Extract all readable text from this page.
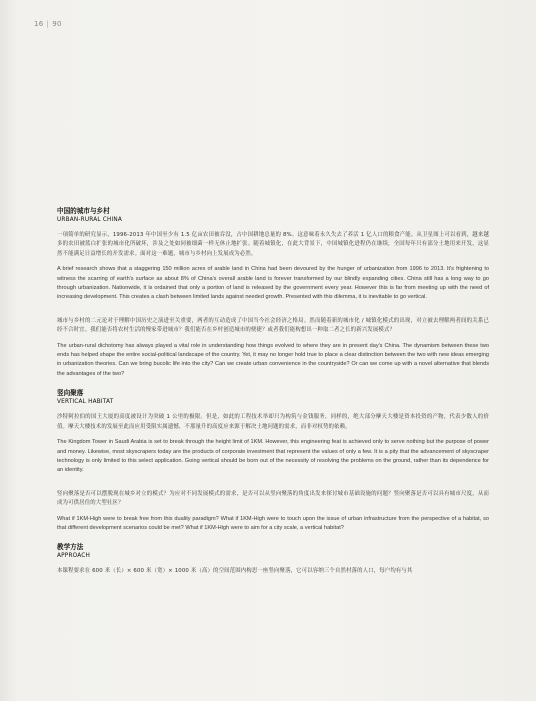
16 | 90
中国的城市与乡村
URBAN-RURAL CHINA

一项简单的研究显示，1996-2013 年中国至少有 1.5 亿亩农田被吞没，占中国耕地总量的 8%。这意味着永久失去了养活 1 亿人口的粮食产能。从卫星图上可以看到，越来越多的农田被蓝白扩张的城市化所破坏，涉及之处如同被细菌一样无休止地扩张。随着城镇化，在此大背景下，中国城镇化进程仍在继续，全国每年只有部分土地用来开发，这显然不能满足日益增长的开发需求。面对这一难题，城市与乡村向上发展成为必然。

A brief research shows that a staggering 150 million acres of arable land in China had been devoured by the hunger of urbanization from 1996 to 2013. It's frightening to witness the scarring of earth's surface as about 8% of China's overall arable land is forever transformed by our blindly expanding cities. China still has a long way to go through urbanization. Nationwide, it is ordained that only a portion of land is released by the government every year. However this is far from meeting up with the need of increasing development. This creates a clash between limited lands against needed growth. Presented with this dilemma, it is inevitable to go vertical.

城市与乡村的二元论对于理解中国历史之演进至关重要，两者的互动造成了中国当今社会经济之格局。然而随着新的城市化 / 城镇化模式的出现，对立被去理解两者间的关系已经不合时宜。我们能否将农村生活的慢家带进城市？我们能否在乡村创造城市的便捷？或者我们能构想出一种取二者之长的新兴发展模式？

The urban-rural dichotomy has always played a vital role in understanding how things evolved to where they are in present day's China. The dynamism between these two ends has helped shape the entire social-political landscape of the country. Yet, it may no longer hold true to place a clear distinction between the two with new ideas emerging in urbanization theories. Can we bring bucolic life into the city? Can we create urban convenience in the countryside? Or can we come up with a novel alternative that blends the advantages of the two?

竖向聚落
VERTICAL HABITAT

沙特阿拉伯的国王大厦的高度被设计为突破 1 公里的极限。但是，如此的工程技术举却只为构筑与金钱服务，同样的，绝大部分摩天大楼是资本投资的产物，代表少数人的价值。摩天大楼技术的发展至此而应用受限实属遗憾，不那量升的高度应来源于解决土地问题的需求，而非对权势的依赖。

The Kingdom Tower in Saudi Arabia is set to break through the height limit of 1KM. However, this engineering feat is achieved only to serve nothing but the purpose of power and money. Likewise, most skyscrapers today are the products of corporate investment that represent the values of only a few. It is a pity that the advancement of skyscraper technology is only limited to this select application. Going vertical should be born out of the necessity of resolving the problems on the ground, rather than its dependence for an identity.

竖向聚落是否可以摆脱现在城乡对立的模式？为应对不同发展模式的需求，是否可以从竖向聚落的角度出发来探讨城市基础设施的问题？竖向聚落是否可以具有城市尺度，从而成为可供居住的大型社区？

What if 1KM-High were to break free from this duality paradigm? What if 1KM-High were to touch upon the issue of urban infrastructure from the perspective of a habitat, so that different development scenarios could be met? What if 1KM-High were to aim for a city scale, a vertical habitat?

教学方法
APPROACH

本课程要求在 600 米（长）× 600 米（宽）× 1000 米（高）的空间范围内构思一座竖向聚落，它可以容纳三个自然村落的人口，每户均有与其
